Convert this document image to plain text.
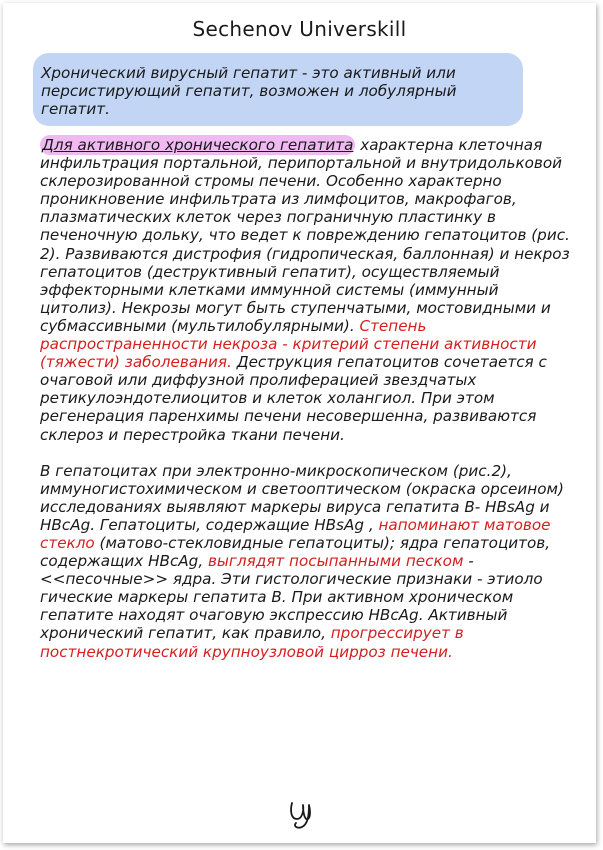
Sechenov Universkill
Хронический вирусный гепатит - это активный или персистирующий гепатит, возможен и лобулярный гепатит.

Для активного хронического гепатита характерна клеточная инфильтрация портальной, перипортальной и внутридольковой склерозированной стромы печени. Особенно характерно проникновение инфильтрата из лимфоцитов, макрофагов, плазматических клеток через пограничную пластинку в печеночную дольку, что ведет к повреждению гепатоцитов (рис. 2). Развиваются дистрофия (гидропическая, баллонная) и некроз гепатоцитов (деструктивный гепатит), осуществляемый эффекторными клетками иммунной системы (иммунный цитолиз). Некрозы могут быть ступенчатыми, мостовидными и субмассивными (мультилобулярными). Степень распространенности некроза - критерий степени активности (тяжести) заболевания. Деструкция гепатоцитов сочетается с очаговой или диффузной пролиферацией звездчатых ретикулоэндотелиоцитов и клеток холангиол. При этом регенерация паренхимы печени несовершенна, развиваются склероз и перестройка ткани печени.

В гепатоцитах при электронно-микроскопическом (рис.2), иммуногистохимическом и светооптическом (окраска орсеином) исследованиях выявляют маркеры вируса гепатита В- HBsAg и HBcAg. Гепатоциты, содержащие HBsAg , напоминают матовое стекло (матово-стекловидные гепатоциты); ядра гепатоцитов, содержащих HBcAg, выглядят посыпанными песком - <<песочные>> ядра. Эти гистологические признаки - этиоло гические маркеры гепатита В. При активном хроническом гепатите находят очаговую экспрессию HBcAg. Активный хронический гепатит, как правило, прогрессирует в постнекротический крупноузловой цирроз печени.
